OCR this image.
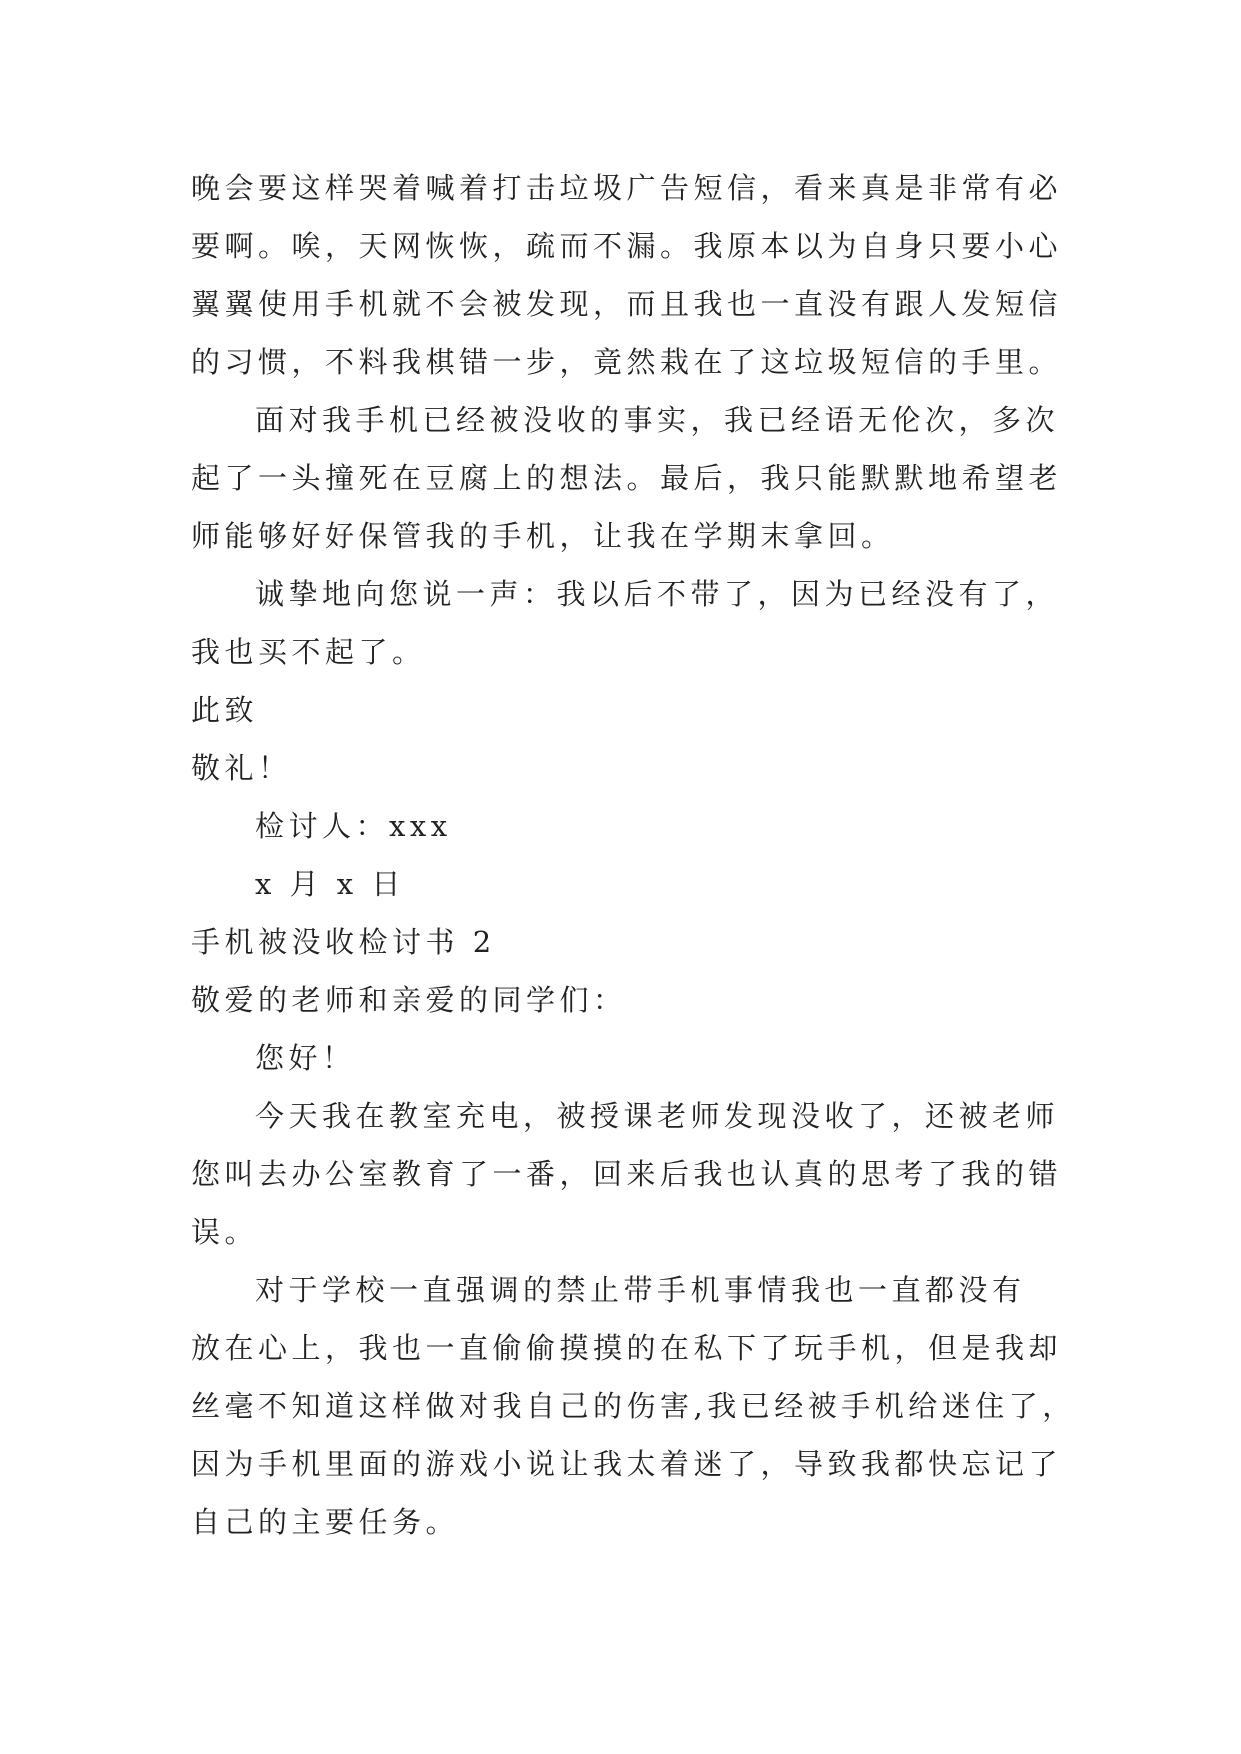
晚会要这样哭着喊着打击垃圾广告短信，看来真是非常有必
要啊。唉，天网恢恢，疏而不漏。我原本以为自身只要小心
翼翼使用手机就不会被发现，而且我也一直没有跟人发短信
的习惯，不料我棋错一步，竟然栽在了这垃圾短信的手里。
面对我手机已经被没收的事实，我已经语无伦次，多次
起了一头撞死在豆腐上的想法。最后，我只能默默地希望老
师能够好好保管我的手机，让我在学期末拿回。
诚挚地向您说一声：我以后不带了，因为已经没有了，
我也买不起了。
此致
敬礼！
检讨人：xxx
x 月 x 日
手机被没收检讨书 2
敬爱的老师和亲爱的同学们：
您好！
今天我在教室充电，被授课老师发现没收了，还被老师
您叫去办公室教育了一番，回来后我也认真的思考了我的错
误。
对于学校一直强调的禁止带手机事情我也一直都没有
放在心上，我也一直偷偷摸摸的在私下了玩手机，但是我却
丝毫不知道这样做对我自己的伤害,我已经被手机给迷住了，
因为手机里面的游戏小说让我太着迷了，导致我都快忘记了
自己的主要任务。
